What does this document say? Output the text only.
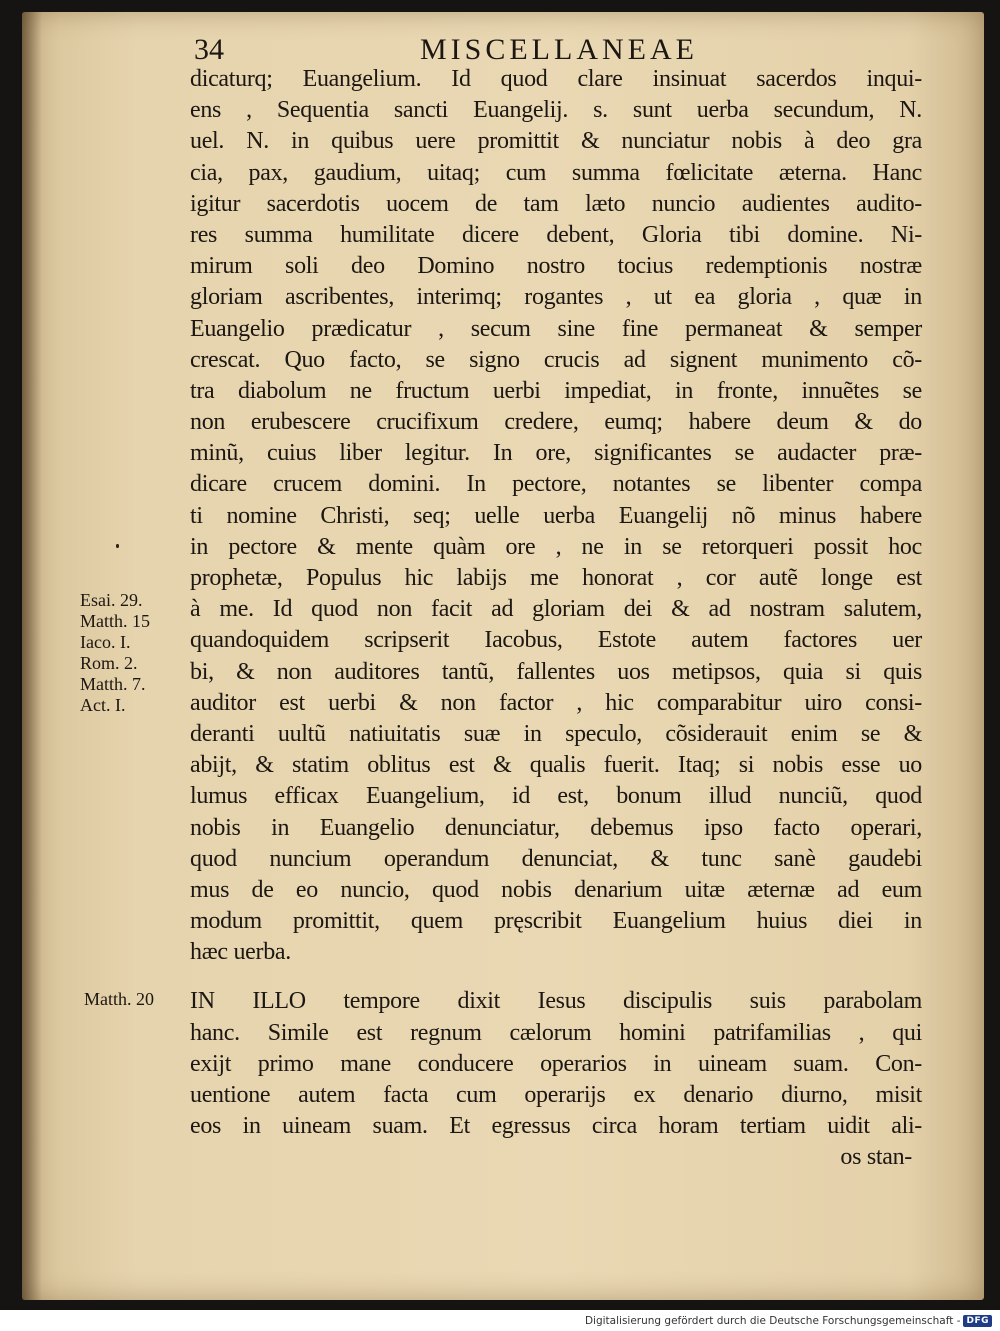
34	MISCELLANEAE
Esai. 29.
Matth. 15
Iaco. I.
Rom. 2.
Matth. 7.
Act. I.
Matth. 20
dicaturq; Euangelium. Id quod clare insinuat sacerdos inqui-
ens , Sequentia sancti Euangelij. s. sunt uerba secundum, N.
uel. N. in quibus uere promittit & nunciatur nobis à deo gra
cia, pax, gaudium, uitaq; cum summa fœlicitate æterna. Hanc
igitur sacerdotis uocem de tam læto nuncio audientes audito-
res summa humilitate dicere debent, Gloria tibi domine. Ni-
mirum soli deo Domino nostro tocius redemptionis nostræ
gloriam ascribentes, interimq; rogantes , ut ea gloria , quæ in
Euangelio prædicatur , secum sine fine permaneat & semper
crescat. Quo facto, se signo crucis ad signent munimento cõ-
tra diabolum ne fructum uerbi impediat, in fronte, innuẽtes se
non erubescere crucifixum credere, eumq; habere deum & do
minũ, cuius liber legitur. In ore, significantes se audacter præ-
dicare crucem domini. In pectore, notantes se libenter compa
ti nomine Christi, seq; uelle uerba Euangelij nõ minus habere
in pectore & mente quàm ore , ne in se retorqueri possit hoc
prophetæ, Populus hic labijs me honorat , cor autẽ longe est
à me. Id quod non facit ad gloriam dei & ad nostram salutem,
quandoquidem scripserit Iacobus, Estote autem factores uer
bi, & non auditores tantũ, fallentes uos metipsos, quia si quis
auditor est uerbi & non factor , hic comparabitur uiro consi-
deranti uultũ natiuitatis suæ in speculo, cõsiderauit enim se &
abijt, & statim oblitus est & qualis fuerit. Itaq; si nobis esse uo
lumus efficax Euangelium, id est, bonum illud nunciũ, quod
nobis in Euangelio denunciatur, debemus ipso facto operari,
quod nuncium operandum denunciat, & tunc sanè gaudebi
mus de eo nuncio, quod nobis denarium uitæ æternæ ad eum
modum promittit, quem pręscribit Euangelium huius diei in
hæc uerba.
IN ILLO tempore dixit Iesus discipulis suis parabolam
hanc. Simile est regnum cælorum homini patrifamilias , qui
exijt primo mane conducere operarios in uineam suam. Con-
uentione autem facta cum operarijs ex denario diurno, misit
eos in uineam suam. Et egressus circa horam tertiam uidit ali-
os stan-
Digitalisierung gefördert durch die Deutsche Forschungsgemeinschaft - DFG
